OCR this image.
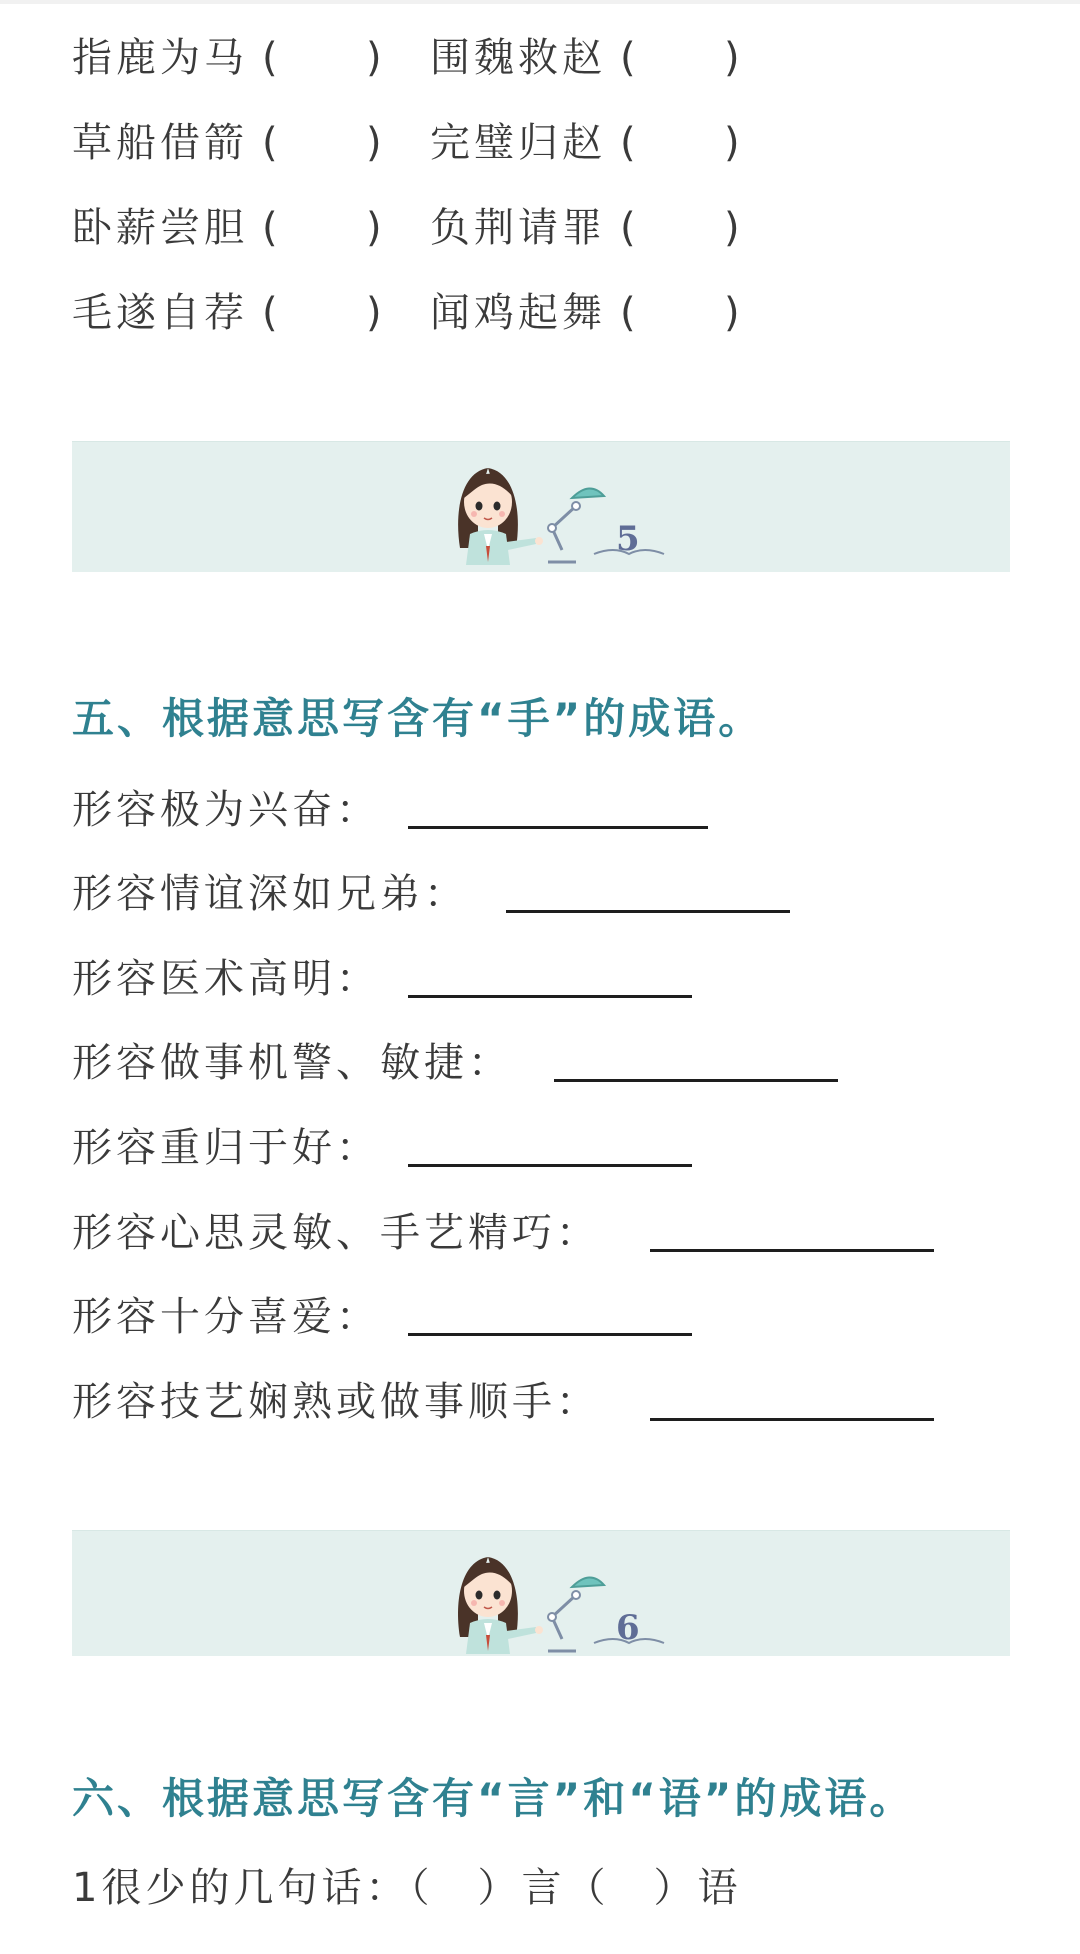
指鹿为马 ( ) 围魏救赵 ( )
草船借箭 ( ) 完璧归赵 ( )
卧薪尝胆 ( ) 负荆请罪 ( )
毛遂自荐 ( ) 闻鸡起舞 ( )
5
五、根据意思写含有“手”的成语。
形容极为兴奋：
形容情谊深如兄弟：
形容医术高明：
形容做事机警、敏捷：
形容重归于好：
形容心思灵敏、手艺精巧：
形容十分喜爱：
形容技艺娴熟或做事顺手：
6
六、根据意思写含有“言”和“语”的成语。
1很少的几句话：（　）言（　）语
